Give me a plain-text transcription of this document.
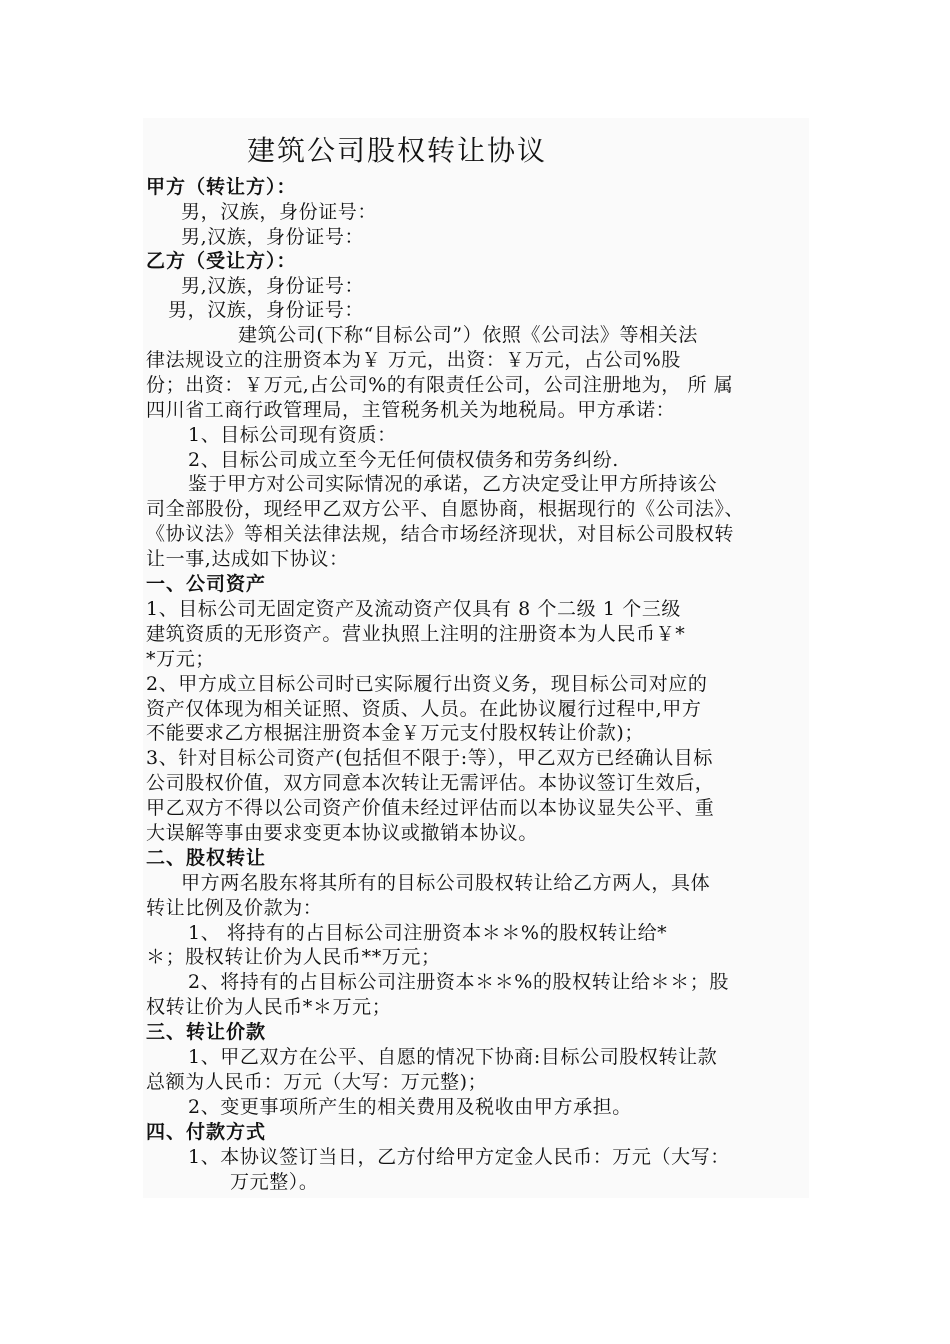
建筑公司股权转让协议
甲方（转让方）：
男，汉族，身份证号：
男,汉族，身份证号：
乙方（受让方）：
男,汉族，身份证号：
男，汉族，身份证号：
建筑公司(下称“目标公司”）依照《公司法》等相关法
律法规设立的注册资本为￥ 万元，出资：￥万元，占公司%股
份；出资：￥万元,占公司%的有限责任公司，公司注册地为， 所 属
四川省工商行政管理局，主管税务机关为地税局。甲方承诺：
1、目标公司现有资质：
2、目标公司成立至今无任何债权债务和劳务纠纷.
鉴于甲方对公司实际情况的承诺，乙方决定受让甲方所持该公
司全部股份，现经甲乙双方公平、自愿协商，根据现行的《公司法》、
《协议法》等相关法律法规，结合市场经济现状，对目标公司股权转
让一事,达成如下协议：
一、公司资产
1、目标公司无固定资产及流动资产仅具有 8 个二级 1 个三级
建筑资质的无形资产。营业执照上注明的注册资本为人民币￥*
*万元；
2、甲方成立目标公司时已实际履行出资义务，现目标公司对应的
资产仅体现为相关证照、资质、人员。在此协议履行过程中,甲方
不能要求乙方根据注册资本金￥万元支付股权转让价款)；
3、针对目标公司资产(包括但不限于:等），甲乙双方已经确认目标
公司股权价值，双方同意本次转让无需评估。本协议签订生效后，
甲乙双方不得以公司资产价值未经过评估而以本协议显失公平、重
大误解等事由要求变更本协议或撤销本协议。
二、股权转让
甲方两名股东将其所有的目标公司股权转让给乙方两人，具体
转让比例及价款为：
1、 将持有的占目标公司注册资本＊＊%的股权转让给*
＊；股权转让价为人民币**万元；
2、将持有的占目标公司注册资本＊＊%的股权转让给＊＊；股
权转让价为人民币*＊万元；
三、转让价款
1、甲乙双方在公平、自愿的情况下协商:目标公司股权转让款
总额为人民币：万元（大写：万元整)；
2、变更事项所产生的相关费用及税收由甲方承担。
四、付款方式
1、本协议签订当日，乙方付给甲方定金人民币：万元（大写：
万元整）。
